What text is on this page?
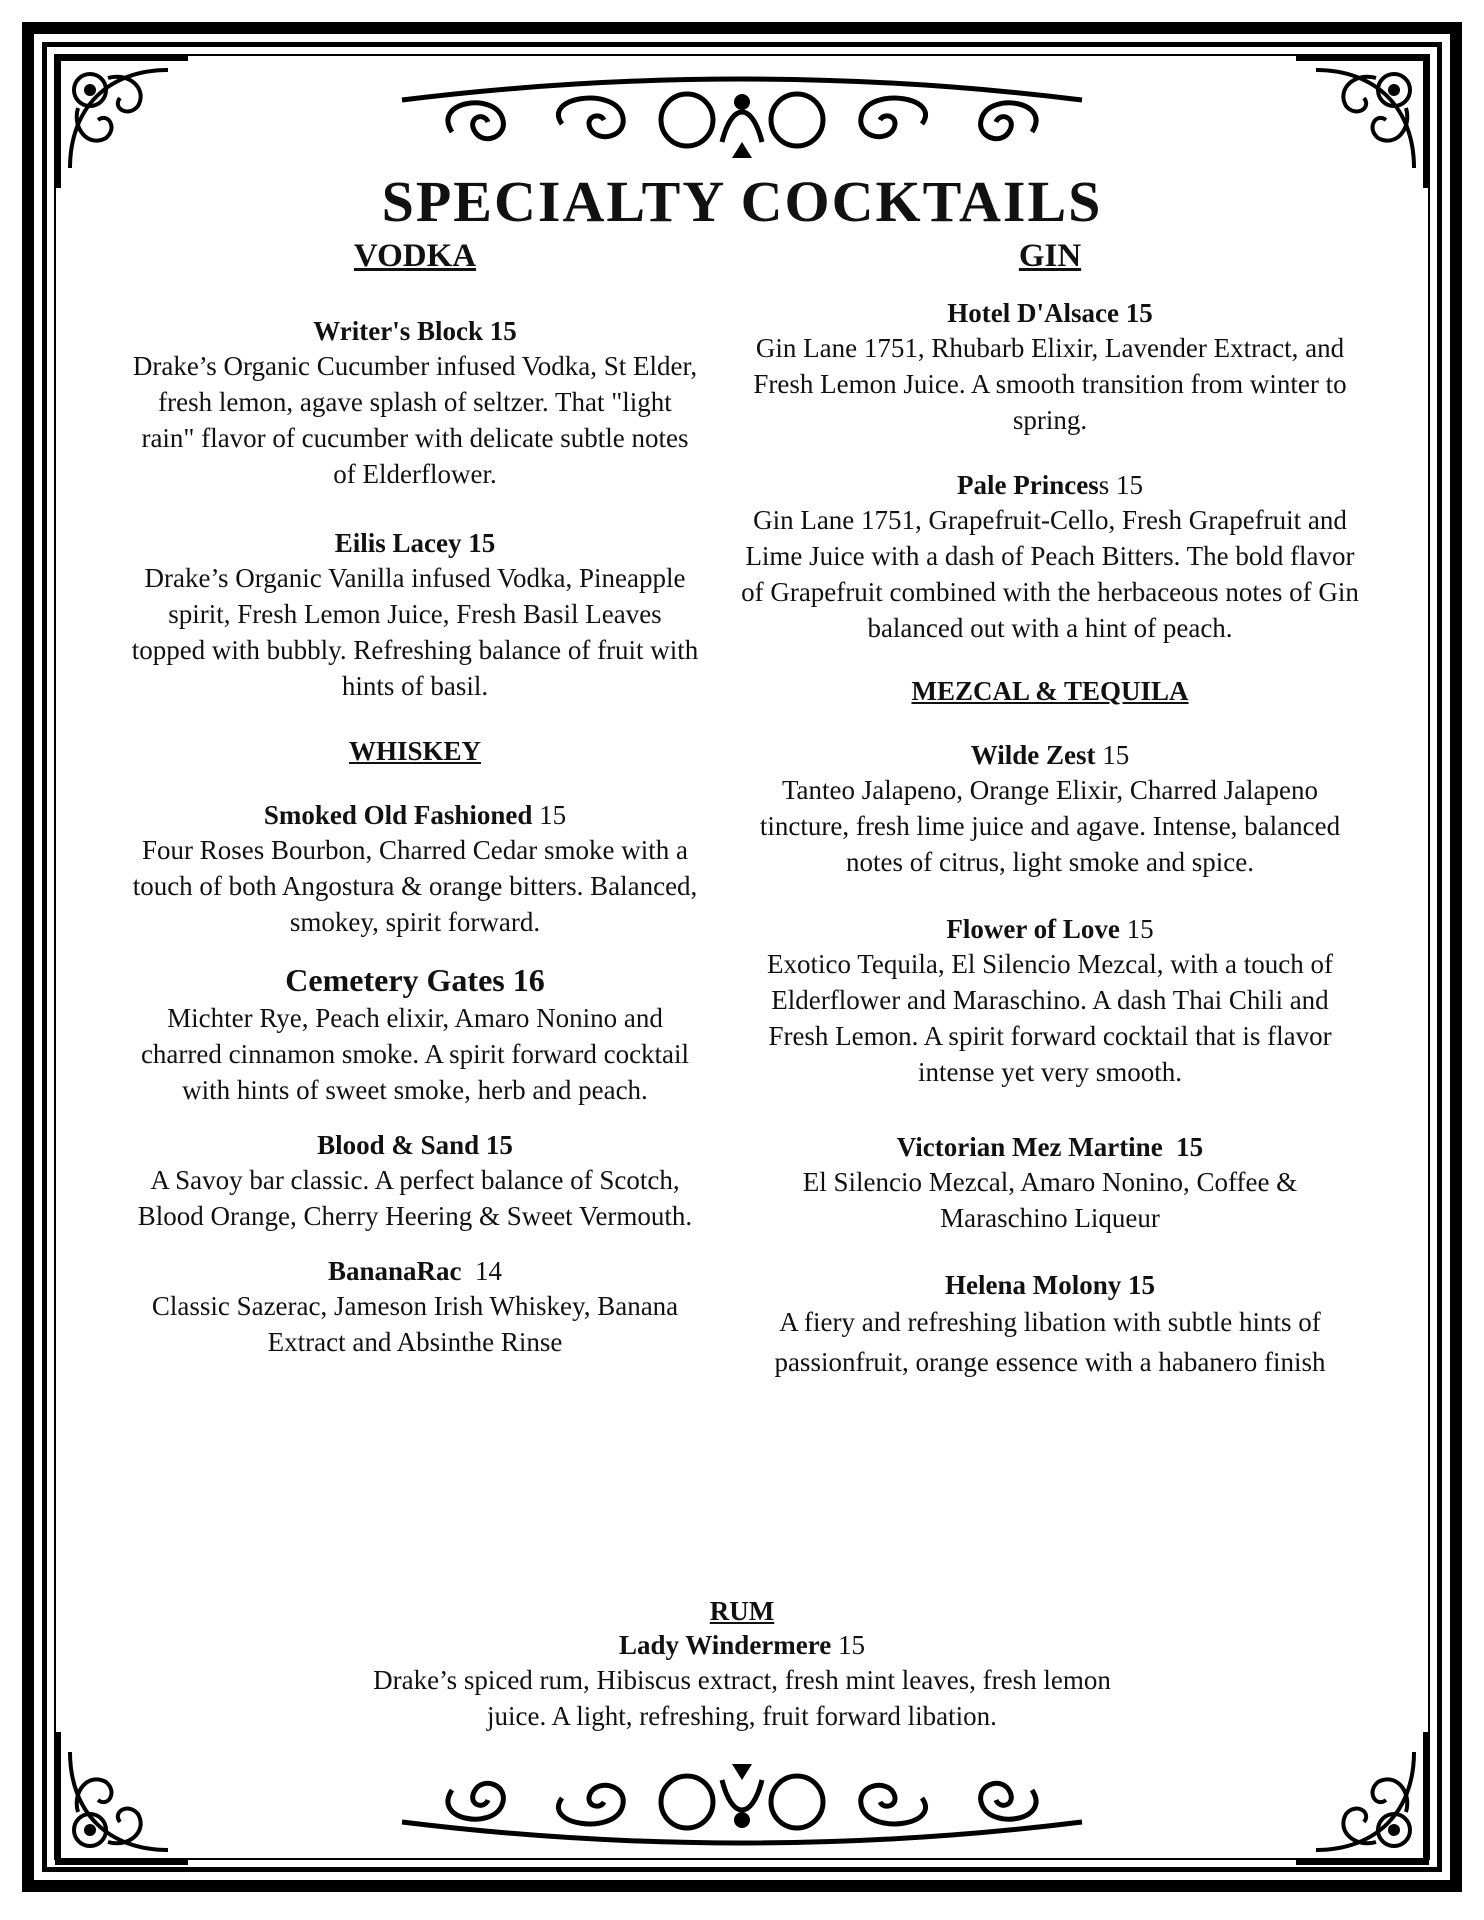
SPECIALTY COCKTAILS
VODKA
Writer's Block 15
Drake’s Organic Cucumber infused Vodka, St Elder, fresh lemon, agave splash of seltzer. That "light rain" flavor of cucumber with delicate subtle notes of Elderflower.
Eilis Lacey 15
Drake’s Organic Vanilla infused Vodka, Pineapple spirit, Fresh Lemon Juice, Fresh Basil Leaves topped with bubbly. Refreshing balance of fruit with hints of basil.
WHISKEY
Smoked Old Fashioned 15
Four Roses Bourbon, Charred Cedar smoke with a touch of both Angostura & orange bitters. Balanced, smokey, spirit forward.
Cemetery Gates 16
Michter Rye, Peach elixir, Amaro Nonino and charred cinnamon smoke. A spirit forward cocktail with hints of sweet smoke, herb and peach.
Blood & Sand 15
A Savoy bar classic. A perfect balance of Scotch, Blood Orange, Cherry Heering & Sweet Vermouth.
BananaRac  14
Classic Sazerac, Jameson Irish Whiskey, Banana Extract and Absinthe Rinse
GIN
Hotel D'Alsace 15
Gin Lane 1751, Rhubarb Elixir, Lavender Extract, and Fresh Lemon Juice. A smooth transition from winter to spring.
Pale Princess 15
Gin Lane 1751, Grapefruit-Cello, Fresh Grapefruit and Lime Juice with a dash of Peach Bitters. The bold flavor of Grapefruit combined with the herbaceous notes of Gin balanced out with a hint of peach.
MEZCAL & TEQUILA
Wilde Zest 15
Tanteo Jalapeno, Orange Elixir, Charred Jalapeno tincture, fresh lime juice and agave. Intense, balanced notes of citrus, light smoke and spice.
Flower of Love 15
Exotico Tequila, El Silencio Mezcal, with a touch of Elderflower and Maraschino. A dash Thai Chili and Fresh Lemon. A spirit forward cocktail that is flavor intense yet very smooth.
Victorian Mez Martine  15
El Silencio Mezcal, Amaro Nonino, Coffee & Maraschino Liqueur
Helena Molony 15
A fiery and refreshing libation with subtle hints of passionfruit, orange essence with a habanero finish
RUM
Lady Windermere 15
Drake’s spiced rum, Hibiscus extract, fresh mint leaves, fresh lemon juice. A light, refreshing, fruit forward libation.
